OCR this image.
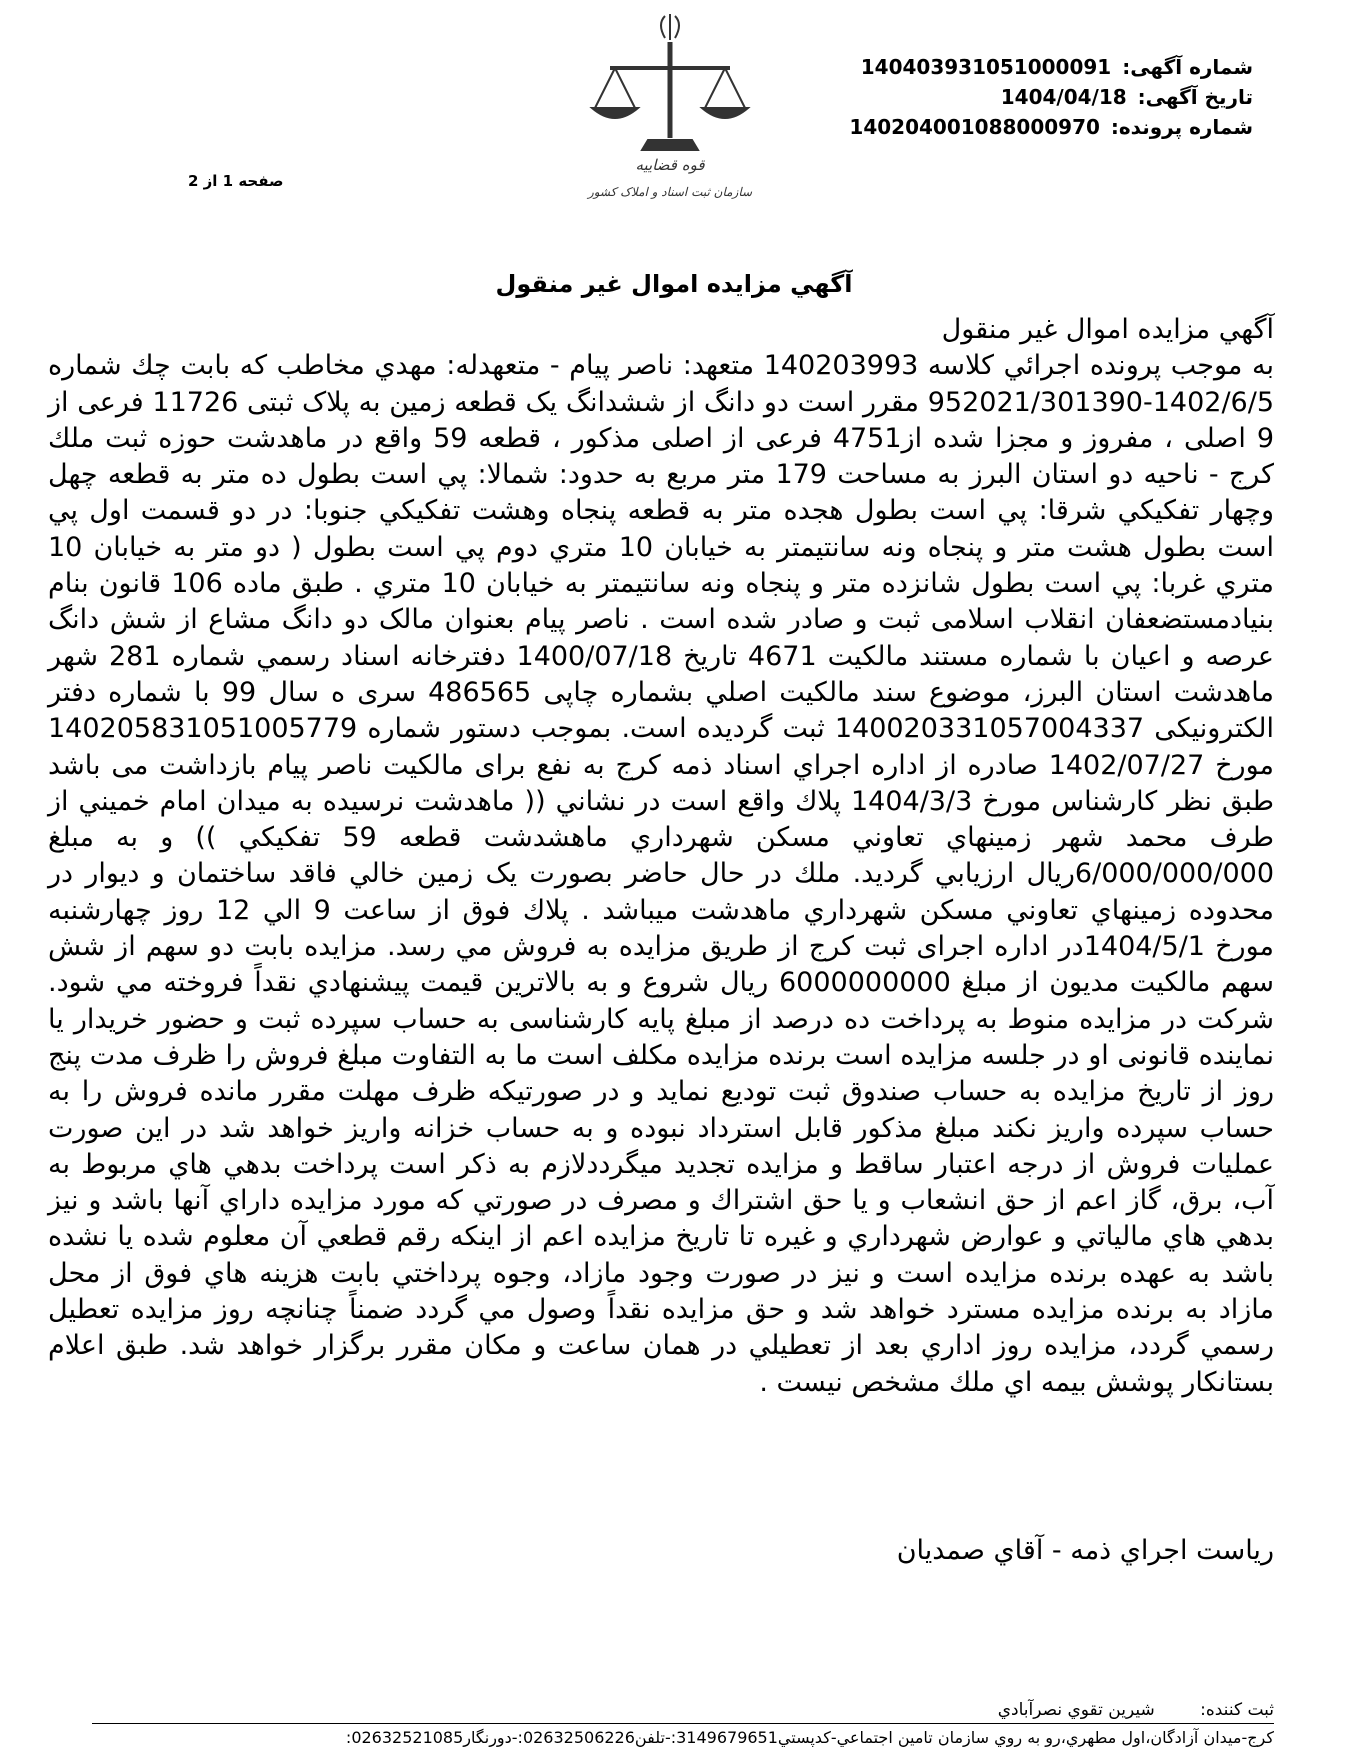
شماره آگهی: 140403931051000091
تاریخ آگهی: 1404/04/18
شماره پرونده: 140204001088000970
قوه قضاییه
سازمان ثبت اسناد و املاک کشور
صفحه 1 از 2
آگهي مزايده اموال غير منقول

آگهي مزايده اموال غير منقول

به موجب پرونده اجرائي كلاسه 140203993 متعهد: ناصر پيام - متعهدله: مهدي مخاطب كه بابت چك شماره 1402/6/5-952021/301390 مقرر است دو دانگ از ششدانگ یک قطعه زمین به پلاک ثبتی 11726 فرعی از 9 اصلی ، مفروز و مجزا شده از4751 فرعی از اصلی مذکور ، قطعه 59 واقع در ماهدشت حوزه ثبت ملك كرج - ناحیه دو استان البرز به مساحت 179 متر مربع به حدود: شمالا: پي است بطول ده متر به قطعه چهل وچهار تفكيكي شرقا: پي است بطول هجده متر به قطعه پنجاه وهشت تفكيكي جنوبا: در دو قسمت اول پي است بطول هشت متر و پنجاه ونه سانتيمتر به خيابان 10 متري دوم پي است بطول ( دو متر به خيابان 10 متري غربا: پي است بطول شانزده متر و پنجاه ونه سانتيمتر به خيابان 10 متري . طبق ماده 106 قانون بنام بنيادمستضعفان انقلاب اسلامی ثبت و صادر شده است . ناصر پيام بعنوان مالک دو دانگ مشاع از شش دانگ عرصه و اعیان با شماره مستند مالکیت 4671 تاریخ 1400/07/18 دفترخانه اسناد رسمي شماره 281 شهر ماهدشت استان البرز، موضوع سند مالكيت اصلي بشماره چاپی 486565 سری ه سال 99 با شماره دفتر الکترونیکی 140020331057004337 ثبت گردیده است. بموجب دستور شماره 140205831051005779 مورخ 1402/07/27 صادره از اداره اجراي اسناد ذمه كرج به نفع برای مالکیت ناصر پیام بازداشت می باشد طبق نظر کارشناس مورخ 1404/3/3 پلاك واقع است در نشاني (( ماهدشت نرسيده به ميدان امام خميني از طرف محمد شهر زمينهاي تعاوني مسكن شهرداري ماهشدشت قطعه 59 تفكيكي )) و به مبلغ 6/000/000/000ريال ارزيابي گرديد. ملك در حال حاضر بصورت یک زمين خالي فاقد ساختمان و ديوار در محدوده زمينهاي تعاوني مسكن شهرداري ماهدشت ميباشد . پلاك فوق از ساعت 9 الي 12 روز چهارشنبه مورخ 1404/5/1در اداره اجرای ثبت كرج از طريق مزايده به فروش مي رسد. مزايده بابت دو سهم از شش سهم مالكيت مديون از مبلغ 6000000000 ريال شروع و به بالاترين قيمت پيشنهادي نقداً فروخته مي شود. شرکت در مزایده منوط به پرداخت ده درصد از مبلغ پایه کارشناسی به حساب سپرده ثبت و حضور خریدار یا نماینده قانونی او در جلسه مزایده است برنده مزایده مکلف است ما به التفاوت مبلغ فروش را ظرف مدت پنج روز از تاریخ مزایده به حساب صندوق ثبت تودیع نماید و در صورتیکه ظرف مهلت مقرر مانده فروش را به حساب سپرده واریز نکند مبلغ مذکور قابل استرداد نبوده و به حساب خزانه واریز خواهد شد در این صورت عملیات فروش از درجه اعتبار ساقط و مزایده تجدید میگرددلازم به ذكر است پرداخت بدهي هاي مربوط به آب، برق، گاز اعم از حق انشعاب و يا حق اشتراك و مصرف در صورتي كه مورد مزايده داراي آنها باشد و نيز بدهي هاي مالياتي و عوارض شهرداري و غيره تا تاريخ مزايده اعم از اينكه رقم قطعي آن معلوم شده يا نشده باشد به عهده برنده مزايده است و نيز در صورت وجود مازاد، وجوه پرداختي بابت هزينه هاي فوق از محل مازاد به برنده مزايده مسترد خواهد شد و حق مزايده نقداً وصول مي گردد ضمناً چنانچه روز مزايده تعطيل رسمي گردد، مزايده روز اداري بعد از تعطيلي در همان ساعت و مكان مقرر برگزار خواهد شد. طبق اعلام بستانكار پوشش بيمه اي ملك مشخص نيست .

رياست اجراي ذمه - آقاي صمديان
ثبت کننده: شيرين تقوي نصرآبادي
كرج-ميدان آزادگان،اول مطهري،رو به روي سازمان تامين اجتماعي-كدپستي3149679651:-تلفن02632506226:-دورنگار02632521085:
